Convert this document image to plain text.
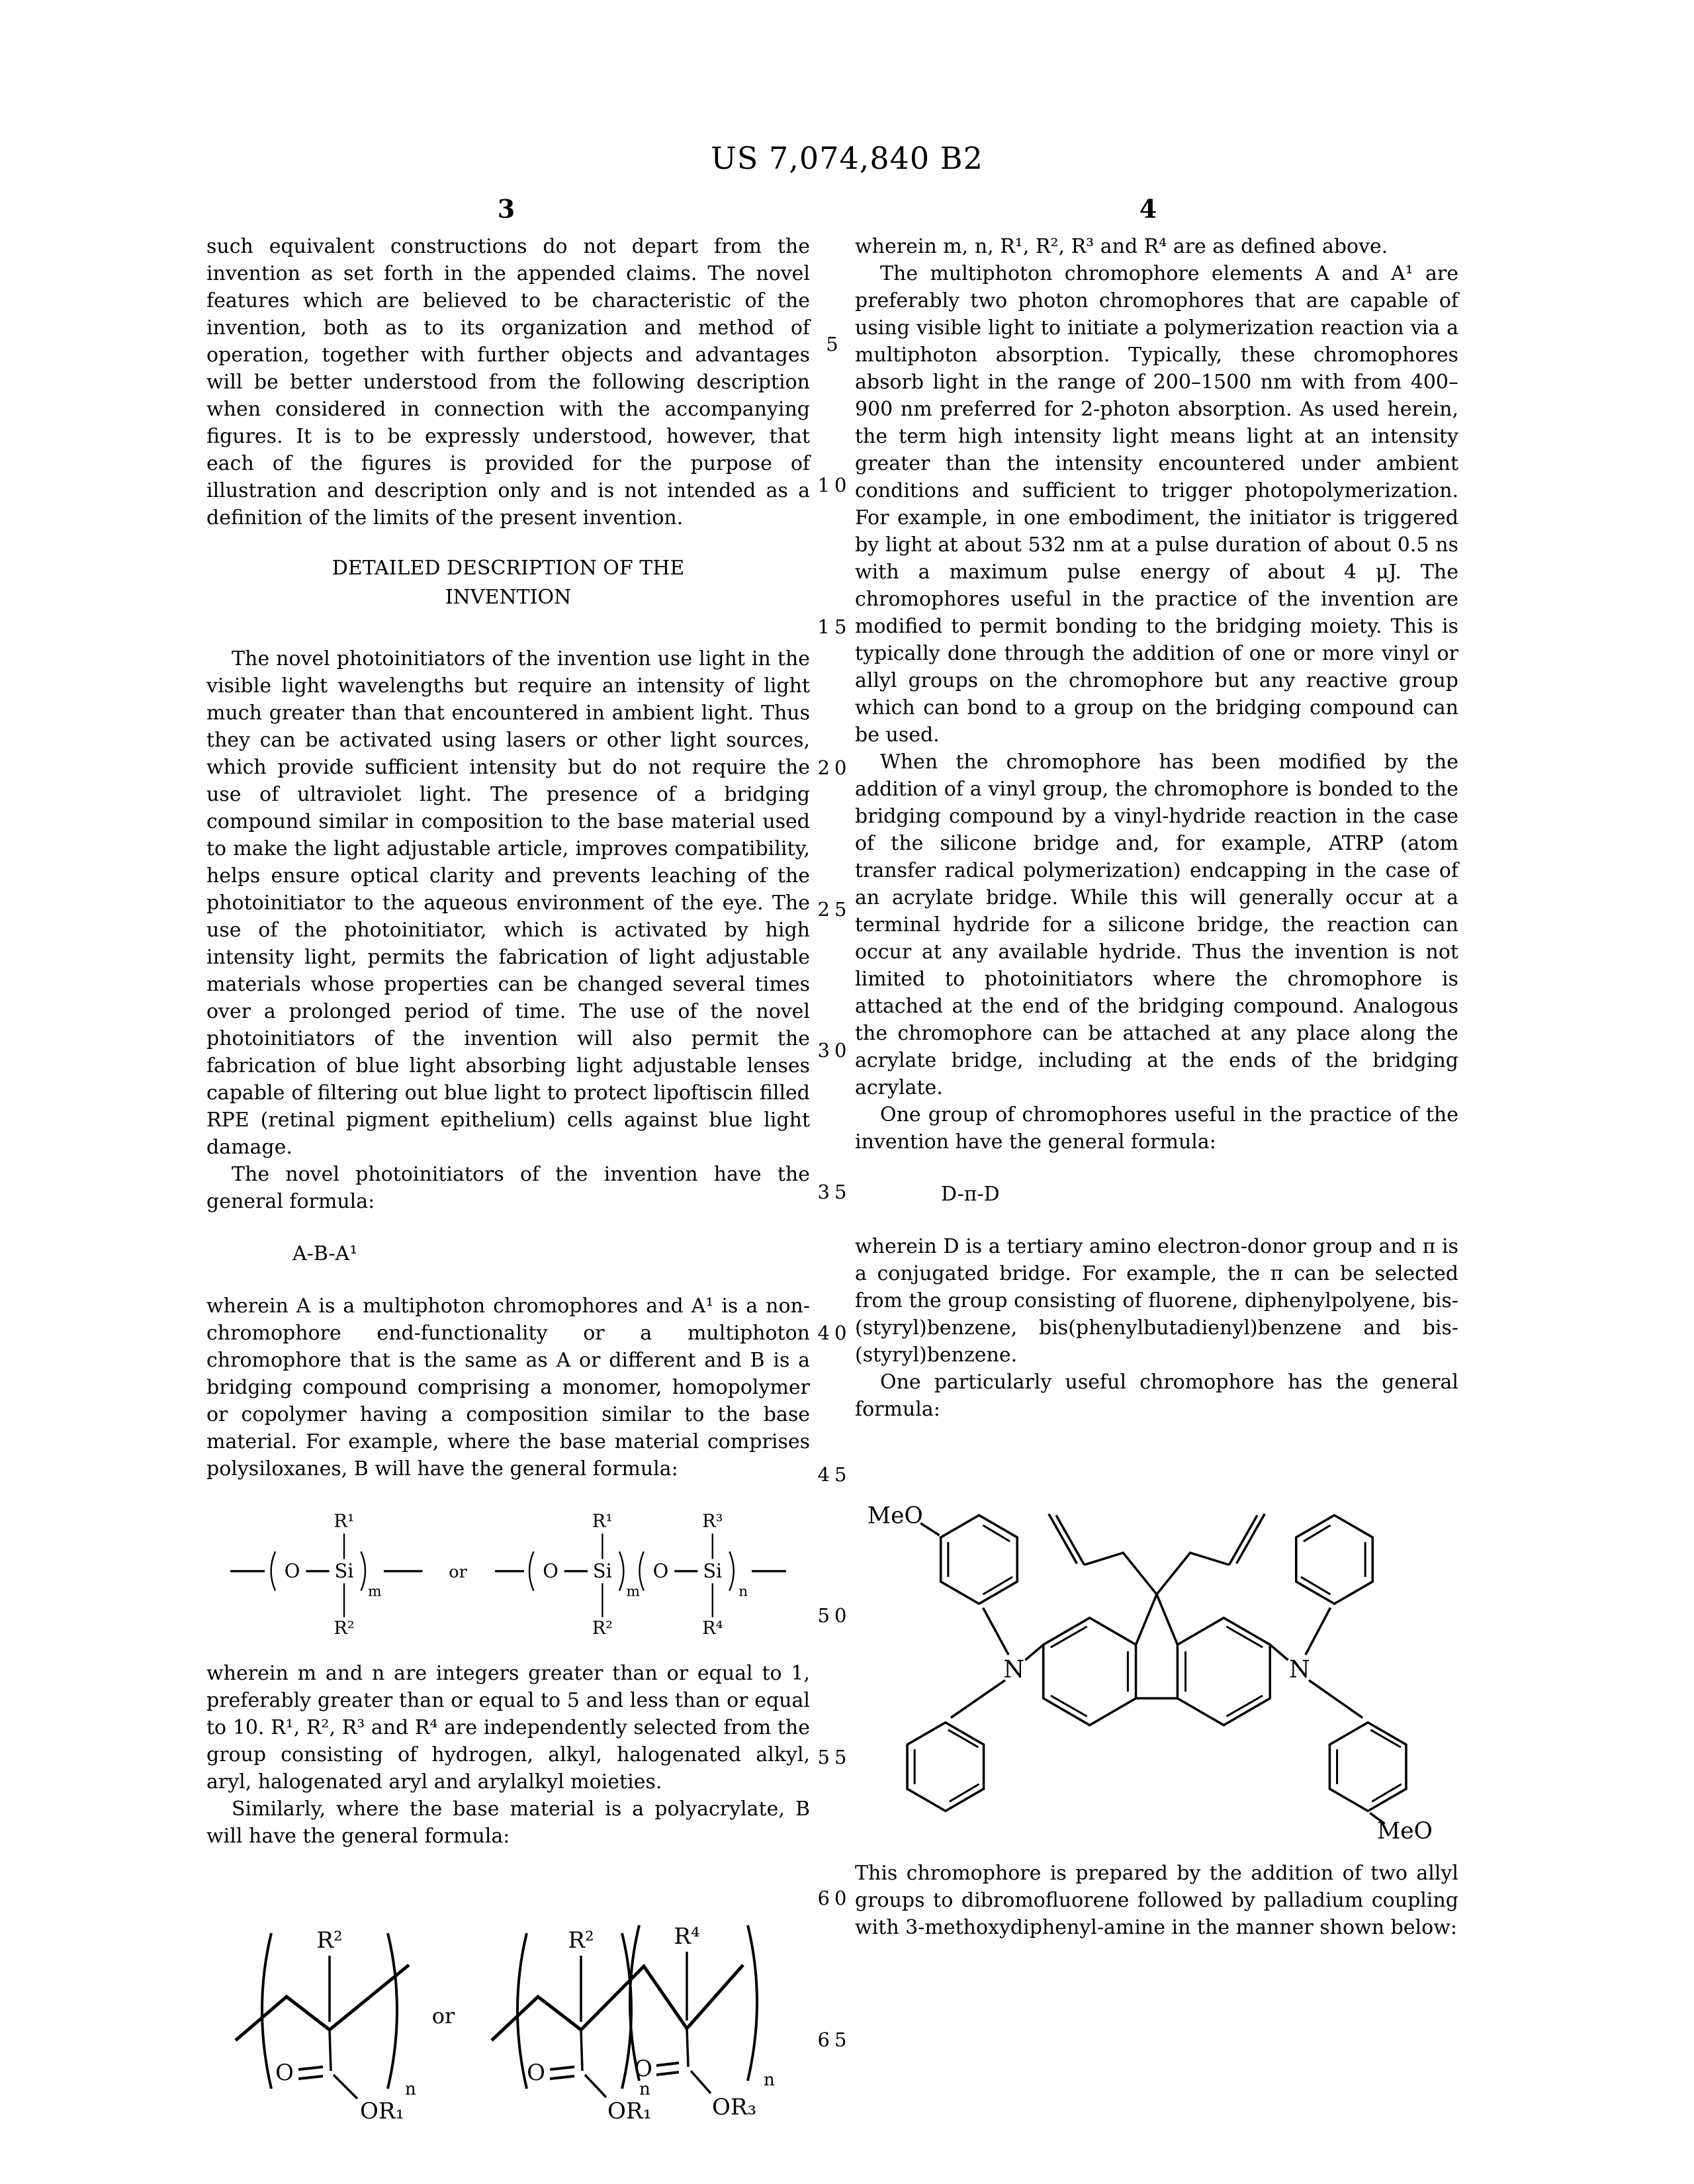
US 7,074,840 B2
3	4
5
10
15
20
25
30
35
40
45
50
55
60
65

such equivalent constructions do not depart from the invention as set forth in the appended claims. The novel features which are believed to be characteristic of the invention, both as to its organization and method of operation, together with further objects and advantages will be better understood from the following description when considered in connection with the accompanying figures. It is to be expressly understood, however, that each of the figures is provided for the purpose of illustration and description only and is not intended as a definition of the limits of the present invention.

DETAILED DESCRIPTION OF THE
INVENTION

The novel photoinitiators of the invention use light in the visible light wavelengths but require an intensity of light much greater than that encountered in ambient light. Thus they can be activated using lasers or other light sources, which provide sufficient intensity but do not require the use of ultraviolet light. The presence of a bridging compound similar in composition to the base material used to make the light adjustable article, improves compatibility, helps ensure optical clarity and prevents leaching of the photoinitiator to the aqueous environment of the eye. The use of the photoinitiator, which is activated by high intensity light, permits the fabrication of light adjustable materials whose properties can be changed several times over a prolonged period of time. The use of the novel photoinitiators of the invention will also permit the fabrication of blue light absorbing light adjustable lenses capable of filtering out blue light to protect lipoftiscin filled RPE (retinal pigment epithelium) cells against blue light damage.

The novel photoinitiators of the invention have the general formula:

A-B-A¹

wherein A is a multiphoton chromophores and A¹ is a non-chromophore end-functionality or a multiphoton chromophore that is the same as A or different and B is a bridging compound comprising a monomer, homopolymer or copolymer having a composition similar to the base material. For example, where the base material comprises polysiloxanes, B will have the general formula:

O Si
m
R¹
R²
or	O Si
m
R¹
R²
O Si
n
R³
R⁴

wherein m and n are integers greater than or equal to 1, preferably greater than or equal to 5 and less than or equal to 10. R¹, R², R³ and R⁴ are independently selected from the group consisting of hydrogen, alkyl, halogenated alkyl, aryl, halogenated aryl and arylalkyl moieties.

Similarly, where the base material is a polyacrylate, B will have the general formula:

n
R²
O
OR₁
or
n	n
R²
O
OR₁
R⁴
O
OR₃

wherein m, n, R¹, R², R³ and R⁴ are as defined above.

The multiphoton chromophore elements A and A¹ are preferably two photon chromophores that are capable of using visible light to initiate a polymerization reaction via a multiphoton absorption. Typically, these chromophores absorb light in the range of 200–1500 nm with from 400–900 nm preferred for 2-photon absorption. As used herein, the term high intensity light means light at an intensity greater than the intensity encountered under ambient conditions and sufficient to trigger photopolymerization. For example, in one embodiment, the initiator is triggered by light at about 532 nm at a pulse duration of about 0.5 ns with a maximum pulse energy of about 4 μJ. The chromophores useful in the practice of the invention are modified to permit bonding to the bridging moiety. This is typically done through the addition of one or more vinyl or allyl groups on the chromophore but any reactive group which can bond to a group on the bridging compound can be used.

When the chromophore has been modified by the addition of a vinyl group, the chromophore is bonded to the bridging compound by a vinyl-hydride reaction in the case of the silicone bridge and, for example, ATRP (atom transfer radical polymerization) endcapping in the case of an acrylate bridge. While this will generally occur at a terminal hydride for a silicone bridge, the reaction can occur at any available hydride. Thus the invention is not limited to photoinitiators where the chromophore is attached at the end of the bridging compound. Analogous the chromophore can be attached at any place along the acrylate bridge, including at the ends of the bridging acrylate.

One group of chromophores useful in the practice of the invention have the general formula:

D-π-D

wherein D is a tertiary amino electron-donor group and π is a conjugated bridge. For example, the π can be selected from the group consisting of fluorene, diphenylpolyene, bis-(styryl)benzene, bis(phenylbutadienyl)benzene and bis-(styryl)benzene.

One particularly useful chromophore has the general formula:

N
MeO
N
MeO

This chromophore is prepared by the addition of two allyl groups to dibromofluorene followed by palladium coupling with 3-methoxydiphenyl-amine in the manner shown below:
